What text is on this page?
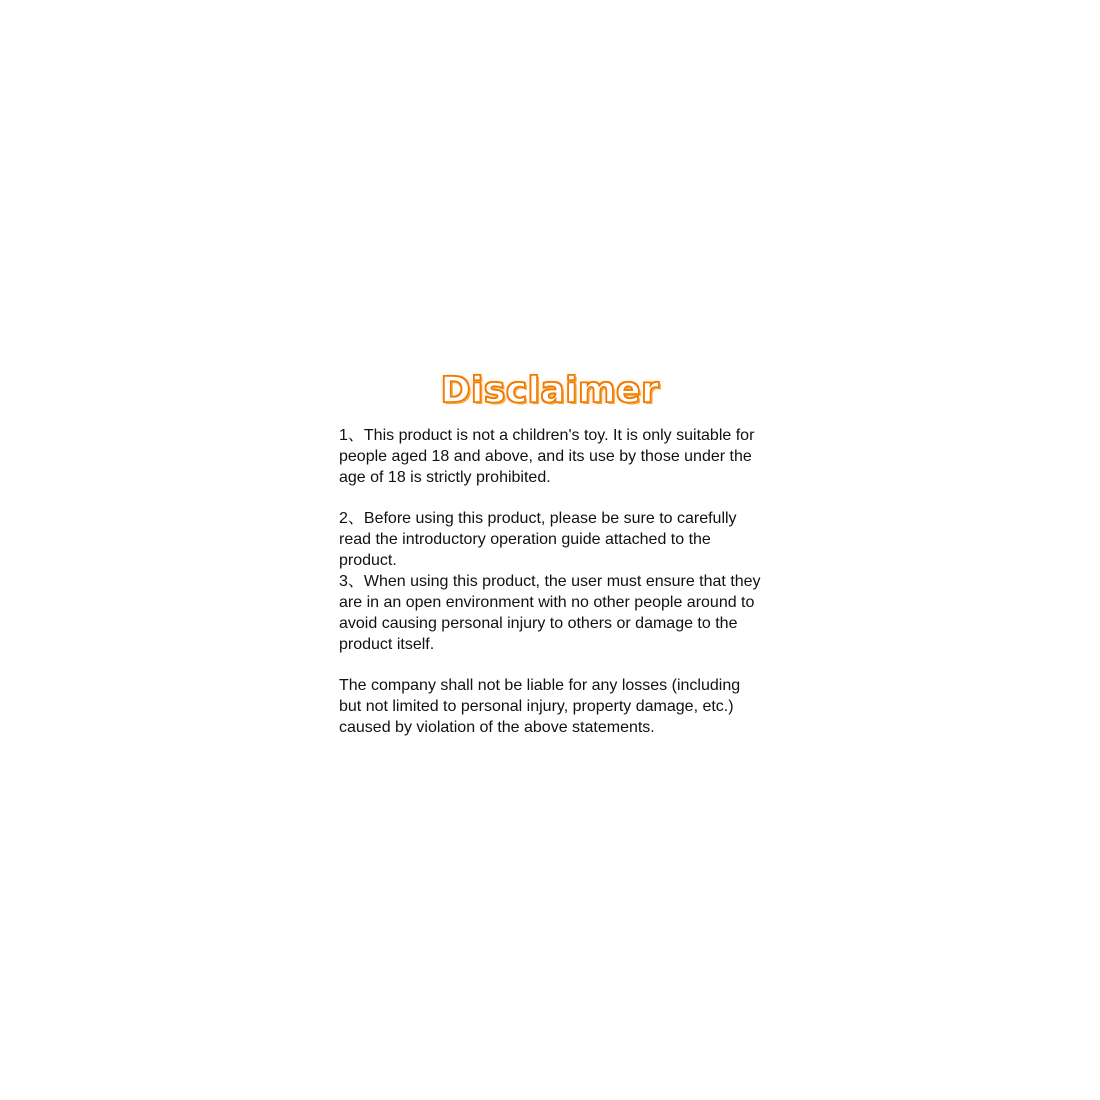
Disclaimer

1、This product is not a children's toy. It is only suitable for people aged 18 and above, and its use by those under the age of 18 is strictly prohibited.

2、Before using this product, please be sure to carefully read the introductory operation guide attached to the product.

3、When using this product, the user must ensure that they are in an open environment with no other people around to avoid causing personal injury to others or damage to the product itself.

The company shall not be liable for any losses (including but not limited to personal injury, property damage, etc.) caused by violation of the above statements.
